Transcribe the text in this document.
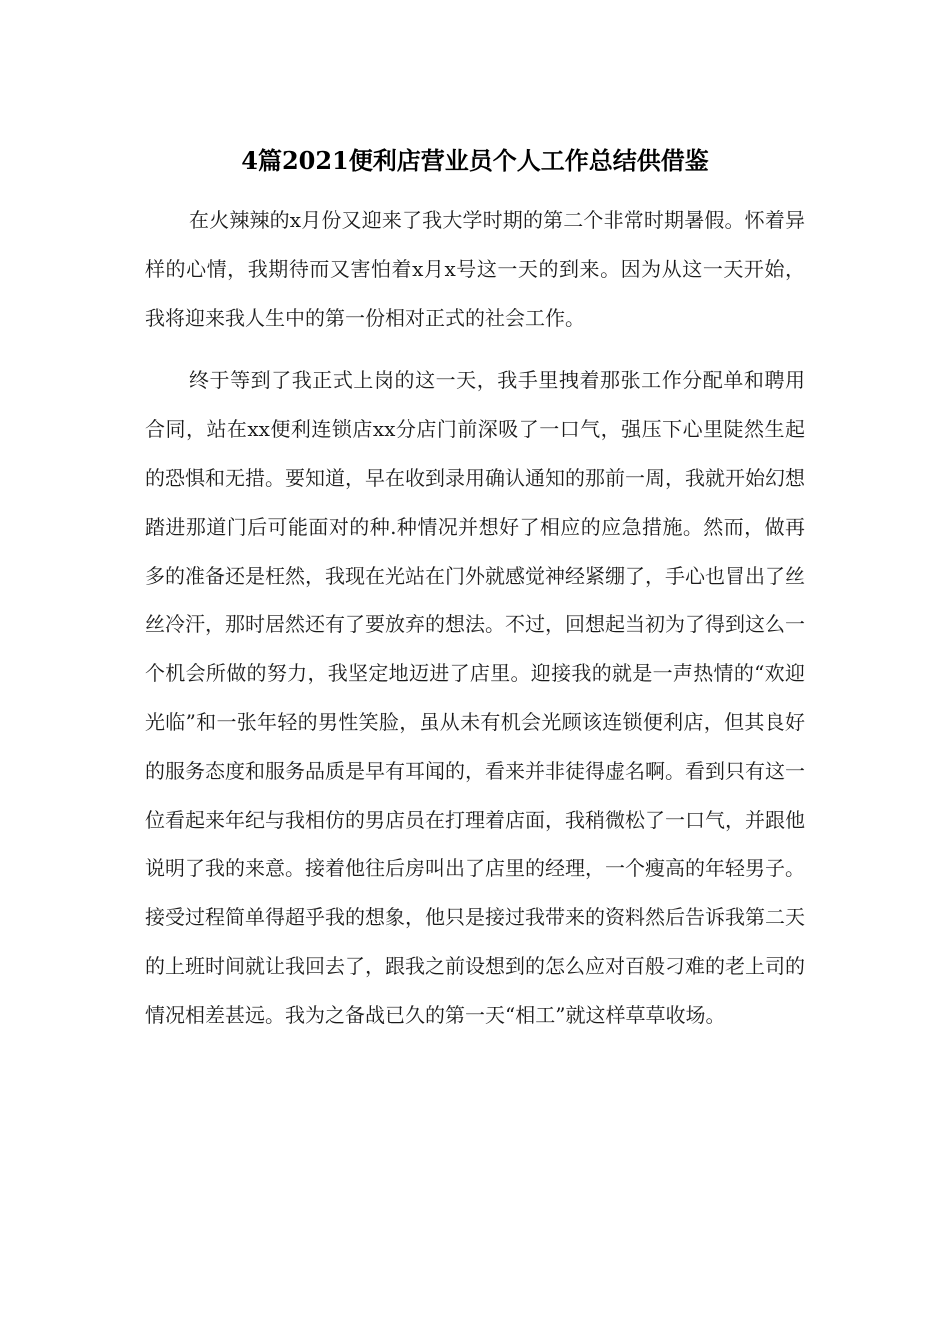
4篇2021便利店营业员个人工作总结供借鉴

在火辣辣的x月份又迎来了我大学时期的第二个非常时期暑假。怀着异样的心情，我期待而又害怕着x月x号这一天的到来。因为从这一天开始，我将迎来我人生中的第一份相对正式的社会工作。

终于等到了我正式上岗的这一天，我手里拽着那张工作分配单和聘用合同，站在xx便利连锁店xx分店门前深吸了一口气，强压下心里陡然生起的恐惧和无措。要知道，早在收到录用确认通知的那前一周，我就开始幻想踏进那道门后可能面对的种.种情况并想好了相应的应急措施。然而，做再多的准备还是枉然，我现在光站在门外就感觉神经紧绷了，手心也冒出了丝丝冷汗，那时居然还有了要放弃的想法。不过，回想起当初为了得到这么一个机会所做的努力，我坚定地迈进了店里。迎接我的就是一声热情的“欢迎光临”和一张年轻的男性笑脸，虽从未有机会光顾该连锁便利店，但其良好的服务态度和服务品质是早有耳闻的，看来并非徒得虚名啊。看到只有这一位看起来年纪与我相仿的男店员在打理着店面，我稍微松了一口气，并跟他说明了我的来意。接着他往后房叫出了店里的经理，一个瘦高的年轻男子。接受过程简单得超乎我的想象，他只是接过我带来的资料然后告诉我第二天的上班时间就让我回去了，跟我之前设想到的怎么应对百般刁难的老上司的情况相差甚远。我为之备战已久的第一天“相工”就这样草草收场。
